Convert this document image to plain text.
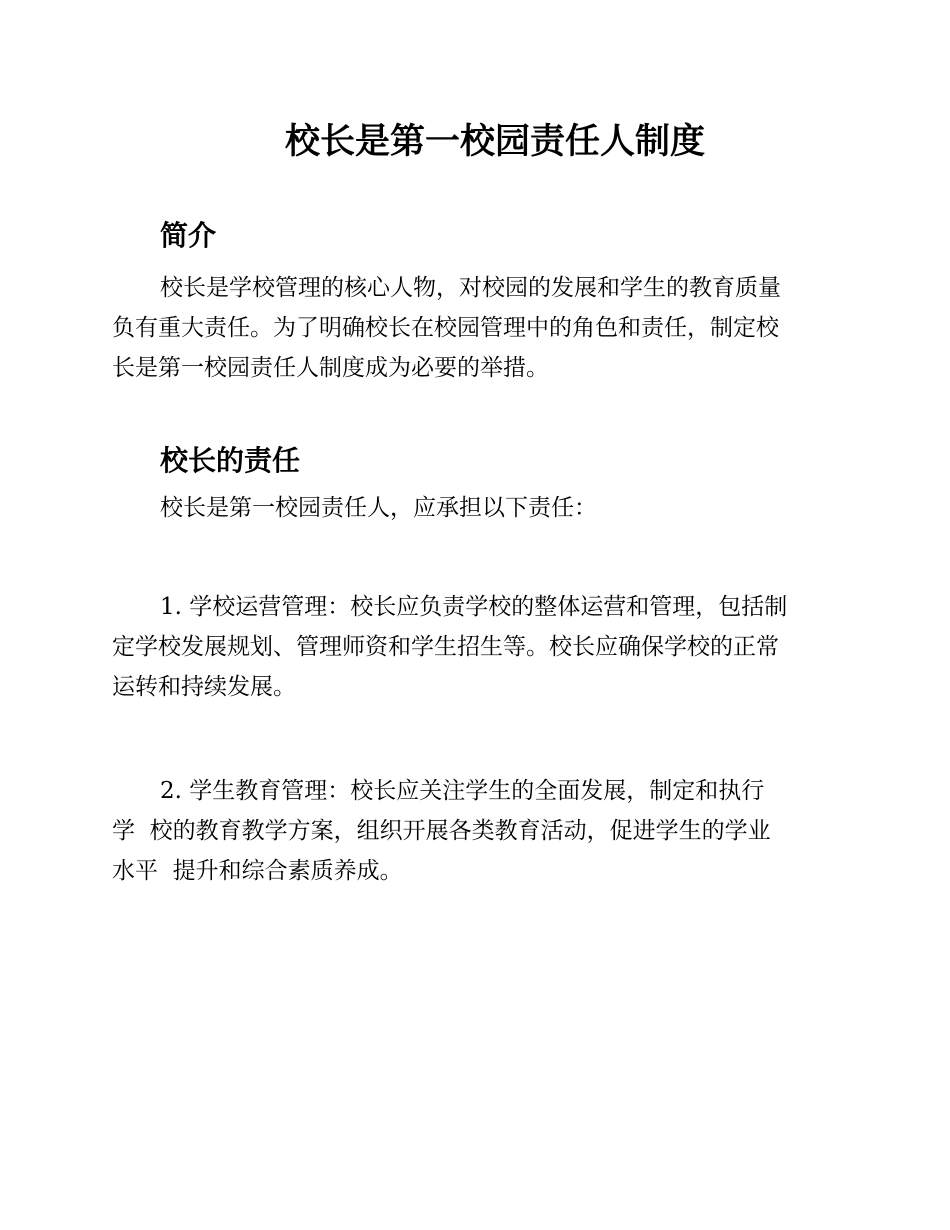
校长是第一校园责任人制度
简介
校长是学校管理的核心人物，对校园的发展和学生的教育质量
负有重大责任。为了明确校长在校园管理中的角色和责任，制定校
长是第一校园责任人制度成为必要的举措。
校长的责任
校长是第一校园责任人，应承担以下责任：
1. 学校运营管理：校长应负责学校的整体运营和管理，包括制
定学校发展规划、管理师资和学生招生等。校长应确保学校的正常
运转和持续发展。
2. 学生教育管理：校长应关注学生的全面发展，制定和执行
学  校的教育教学方案，组织开展各类教育活动，促进学生的学业
水平  提升和综合素质养成。
